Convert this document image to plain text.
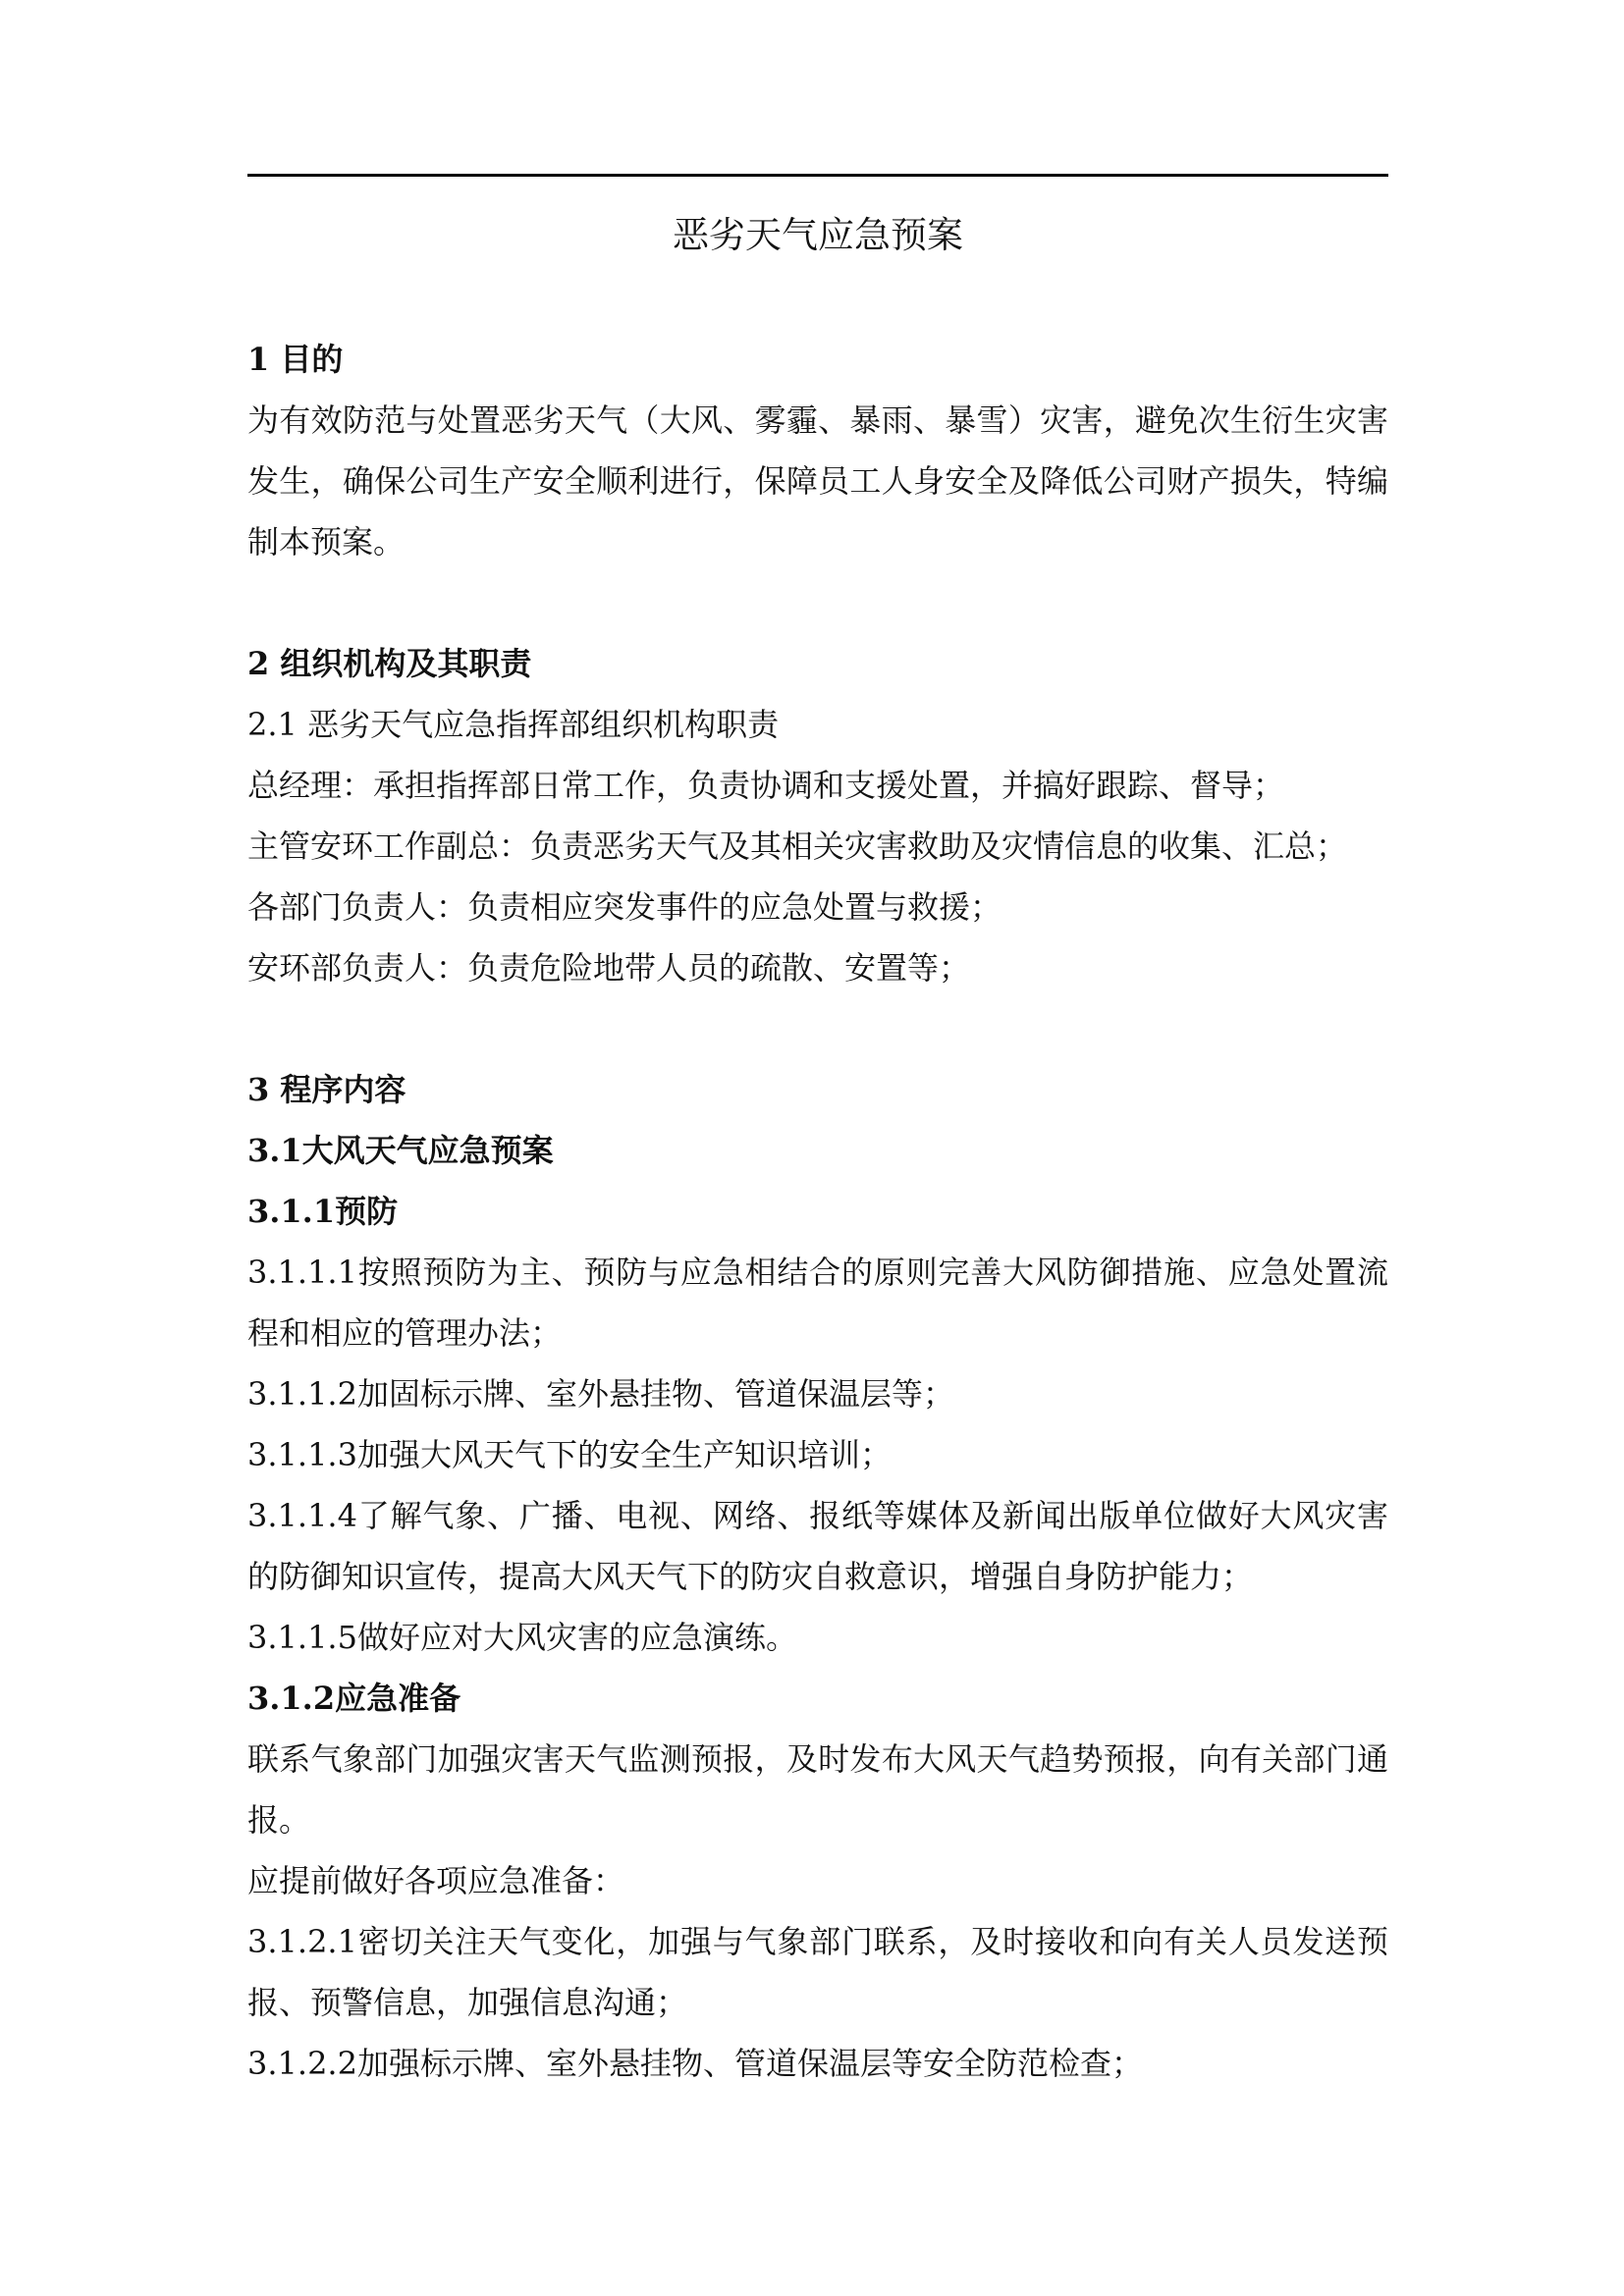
恶劣天气应急预案
1 目的
为有效防范与处置恶劣天气（大风、雾霾、暴雨、暴雪）灾害，避免次生衍生灾害发生，确保公司生产安全顺利进行，保障员工人身安全及降低公司财产损失，特编制本预案。
2 组织机构及其职责
2.1 恶劣天气应急指挥部组织机构职责
总经理：承担指挥部日常工作，负责协调和支援处置，并搞好跟踪、督导；
主管安环工作副总：负责恶劣天气及其相关灾害救助及灾情信息的收集、汇总；
各部门负责人：负责相应突发事件的应急处置与救援；
安环部负责人：负责危险地带人员的疏散、安置等；
3 程序内容
3.1大风天气应急预案
3.1.1预防
3.1.1.1按照预防为主、预防与应急相结合的原则完善大风防御措施、应急处置流程和相应的管理办法；
3.1.1.2加固标示牌、室外悬挂物、管道保温层等；
3.1.1.3加强大风天气下的安全生产知识培训；
3.1.1.4了解气象、广播、电视、网络、报纸等媒体及新闻出版单位做好大风灾害的防御知识宣传，提高大风天气下的防灾自救意识，增强自身防护能力；
3.1.1.5做好应对大风灾害的应急演练。
3.1.2应急准备
联系气象部门加强灾害天气监测预报，及时发布大风天气趋势预报，向有关部门通报。
应提前做好各项应急准备：
3.1.2.1密切关注天气变化，加强与气象部门联系，及时接收和向有关人员发送预报、预警信息，加强信息沟通；
3.1.2.2加强标示牌、室外悬挂物、管道保温层等安全防范检查；
